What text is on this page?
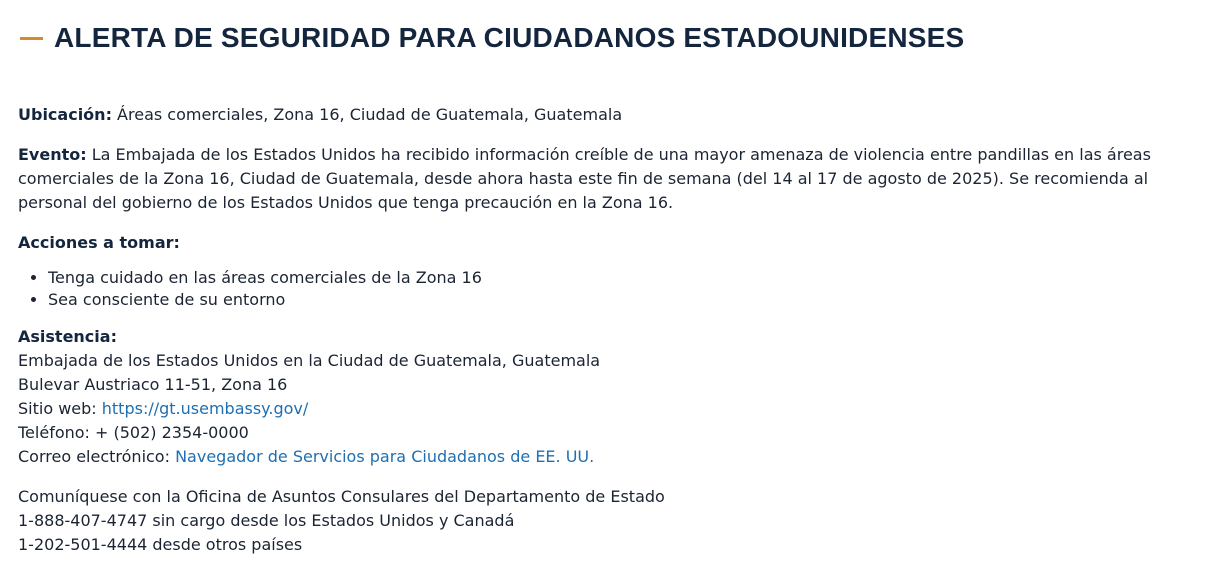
ALERTA DE SEGURIDAD PARA CIUDADANOS ESTADOUNIDENSES

Ubicación: Áreas comerciales, Zona 16, Ciudad de Guatemala, Guatemala

Evento: La Embajada de los Estados Unidos ha recibido información creíble de una mayor amenaza de violencia entre pandillas en las áreas comerciales de la Zona 16, Ciudad de Guatemala, desde ahora hasta este fin de semana (del 14 al 17 de agosto de 2025). Se recomienda al personal del gobierno de los Estados Unidos que tenga precaución en la Zona 16.

Acciones a tomar:

• Tenga cuidado en las áreas comerciales de la Zona 16
• Sea consciente de su entorno
Asistencia:
Embajada de los Estados Unidos en la Ciudad de Guatemala, Guatemala
Bulevar Austriaco 11-51, Zona 16
Sitio web: https://gt.usembassy.gov/
Teléfono: + (502) 2354-0000
Correo electrónico: Navegador de Servicios para Ciudadanos de EE. UU.
Comuníquese con la Oficina de Asuntos Consulares del Departamento de Estado
1-888-407-4747 sin cargo desde los Estados Unidos y Canadá
1-202-501-4444 desde otros países
